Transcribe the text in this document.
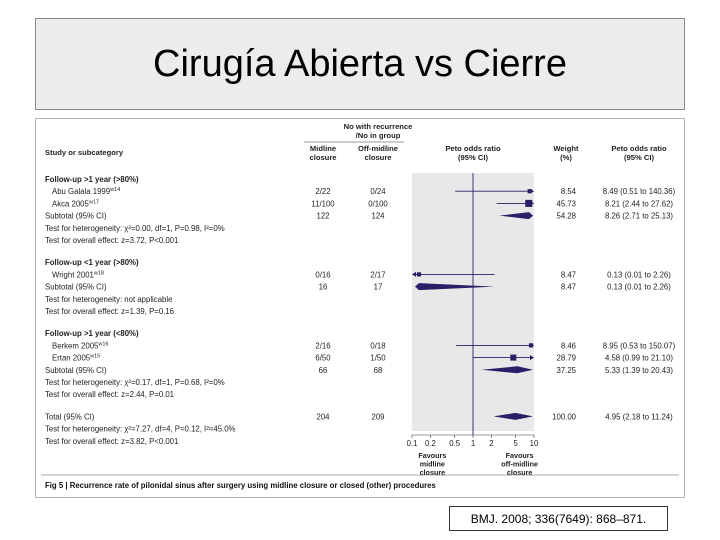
Cirugía Abierta vs Cierre
No with recurrence
/No in group
Midline
closure
Off-midline
closure
Peto odds ratio
(95% CI)
Weight
(%)
Peto odds ratio
(95% CI)
Study or subcategory
Follow-up >1 year (>80%)
Abu Galala $1999^{w14}$	2/22	0/24	8.54	8.49 (0.51 to 140.36)
Akca $2005^{w17}$	11/100	0/100	45.73	8.21 (2.44 to 27.62)
Subtotal (95% CI)	122	124	54.28	8.26 (2.71 to 25.13)
Test for heterogeneity: χ²=0.00, df=1, P=0.98, I²=0%
Test for overall effect: z=3.72, P<0.001
Follow-up <1 year (>80%)
Wright $2001^{w18}$	0/16	2/17	8.47	0.13 (0.01 to 2.26)
Subtotal (95% CI)	16	17	8.47	0.13 (0.01 to 2.26)
Test for heterogeneity: not applicable
Test for overall effect: z=1.39, P=0.16
Follow-up >1 year (<80%)
Berkem $2005^{w16}$	2/16	0/18	8.46	8.95 (0.53 to 150.07)
Ertan $2005^{w15}$	6/50	1/50	28.79	4.58 (0.99 to 21.10)
Subtotal (95% CI)	66	68	37.25	5.33 (1.39 to 20.43)
Test for heterogeneity: χ²=0.17, df=1, P=0.68, I²=0%
Test for overall effect: z=2.44, P=0.01
Total (95% CI)	204	209	100.00	4.95 (2.18 to 11.24)
Test for heterogeneity: χ²=7.27, df=4, P=0.12, I²=45.0%
Test for overall effect: z=3.82, P<0.001	0.1 0.2 0.5 1 2	5 10
Favours
midline
closure
Favours
off-midline
closure
Fig 5 | Recurrence rate of pilonidal sinus after surgery using midline closure or closed (other) procedures
BMJ. 2008; 336(7649): 868–871.
